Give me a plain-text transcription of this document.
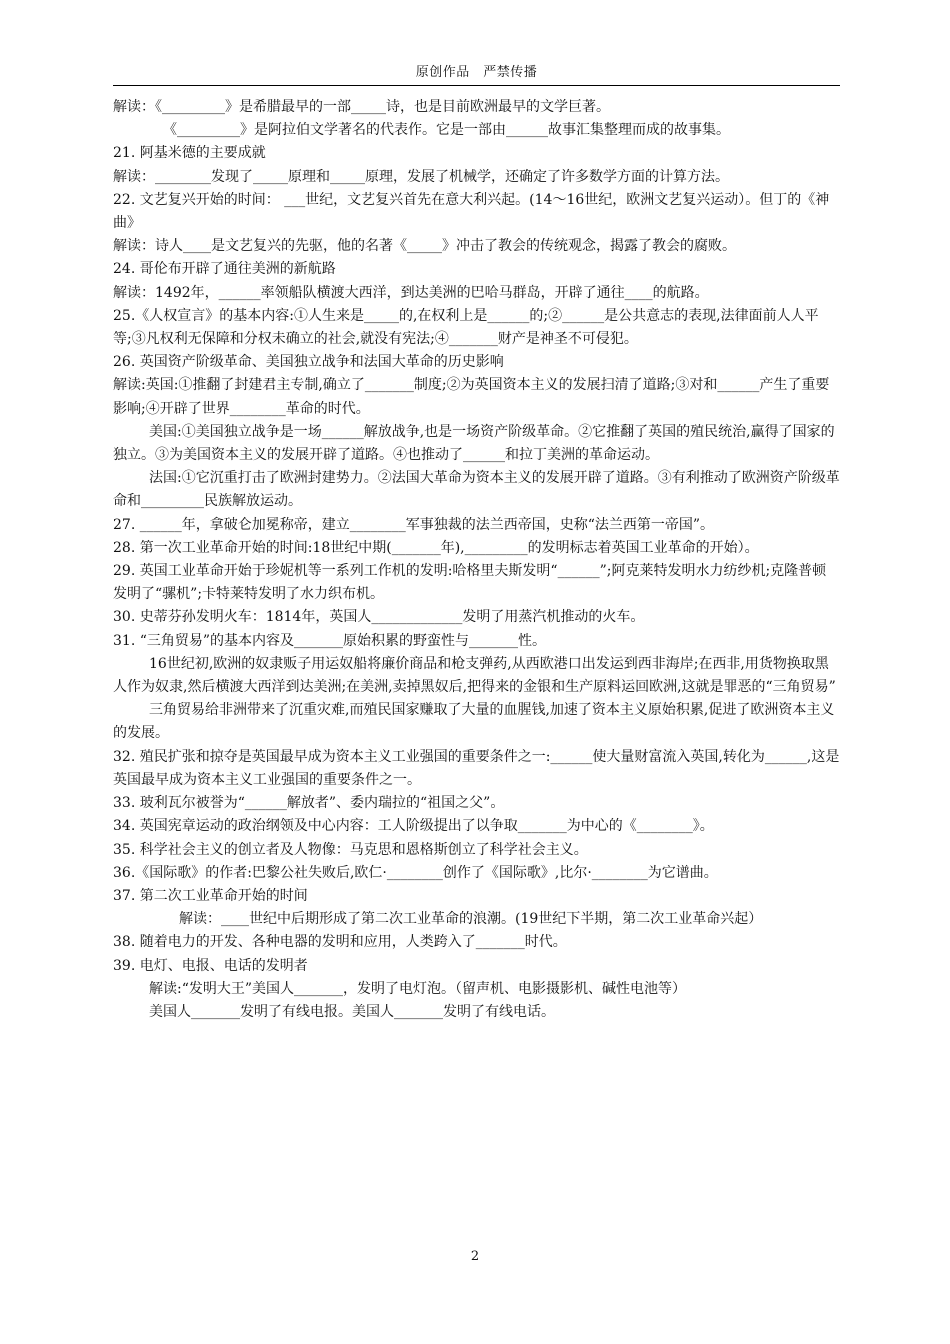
原创作品　严禁传播

解读：《_________》是希腊最早的一部_____诗，也是目前欧洲最早的文学巨著。

《_________》是阿拉伯文学著名的代表作。它是一部由______故事汇集整理而成的故事集。

21. 阿基米德的主要成就

解读：________发现了_____原理和_____原理，发展了机械学，还确定了许多数学方面的计算方法。

22. 文艺复兴开始的时间： ___世纪，文艺复兴首先在意大利兴起。(14～16世纪，欧洲文艺复兴运动）。但丁的《神曲》

解读：诗人____是文艺复兴的先驱，他的名著《_____》冲击了教会的传统观念，揭露了教会的腐败。

24. 哥伦布开辟了通往美洲的新航路

解读：1492年，______率领船队横渡大西洋，到达美洲的巴哈马群岛，开辟了通往____的航路。

25.《人权宣言》的基本内容:①人生来是_____的,在权利上是______的;②______是公共意志的表现,法律面前人人平等;③凡权利无保障和分权未确立的社会,就没有宪法;④_______财产是神圣不可侵犯。

26. 英国资产阶级革命、美国独立战争和法国大革命的历史影响

解读:英国:①推翻了封建君主专制,确立了_______制度;②为英国资本主义的发展扫清了道路;③对和______产生了重要影响;④开辟了世界________革命的时代。

美国:①美国独立战争是一场______解放战争,也是一场资产阶级革命。②它推翻了英国的殖民统治,赢得了国家的独立。③为美国资本主义的发展开辟了道路。④也推动了______和拉丁美洲的革命运动。

法国:①它沉重打击了欧洲封建势力。②法国大革命为资本主义的发展开辟了道路。③有利推动了欧洲资产阶级革命和_________民族解放运动。

27. ______年，拿破仑加冕称帝，建立________军事独裁的法兰西帝国，史称“法兰西第一帝国”。

28. 第一次工业革命开始的时间:18世纪中期(_______年),_________的发明标志着英国工业革命的开始）。

29. 英国工业革命开始于珍妮机等一系列工作机的发明:哈格里夫斯发明“______”;阿克莱特发明水力纺纱机;克隆普顿发明了“骡机”;卡特莱特发明了水力织布机。

30. 史蒂芬孙发明火车：1814年，英国人_____________发明了用蒸汽机推动的火车。

31. “三角贸易”的基本内容及_______原始积累的野蛮性与_______性。

16世纪初,欧洲的奴隶贩子用运奴船将廉价商品和枪支弹药,从西欧港口出发运到西非海岸;在西非,用货物换取黑人作为奴隶,然后横渡大西洋到达美洲;在美洲,卖掉黑奴后,把得来的金银和生产原料运回欧洲,这就是罪恶的“三角贸易”

三角贸易给非洲带来了沉重灾难,而殖民国家赚取了大量的血腥钱,加速了资本主义原始积累,促进了欧洲资本主义的发展。

32. 殖民扩张和掠夺是英国最早成为资本主义工业强国的重要条件之一:______使大量财富流入英国,转化为______,这是英国最早成为资本主义工业强国的重要条件之一。

33. 玻利瓦尔被誉为“______解放者”、委内瑞拉的“祖国之父”。

34. 英国宪章运动的政治纲领及中心内容：工人阶级提出了以争取_______为中心的《________》。

35. 科学社会主义的创立者及人物像：马克思和恩格斯创立了科学社会主义。

36.《国际歌》的作者:巴黎公社失败后,欧仁·________创作了《国际歌》,比尔·________为它谱曲。

37. 第二次工业革命开始的时间

解读：____世纪中后期形成了第二次工业革命的浪潮。(19世纪下半期，第二次工业革命兴起）

38. 随着电力的开发、各种电器的发明和应用，人类跨入了_______时代。

39. 电灯、电报、电话的发明者

解读:“发明大王”美国人_______，发明了电灯泡。（留声机、电影摄影机、碱性电池等）

美国人_______发明了有线电报。美国人_______发明了有线电话。

2
